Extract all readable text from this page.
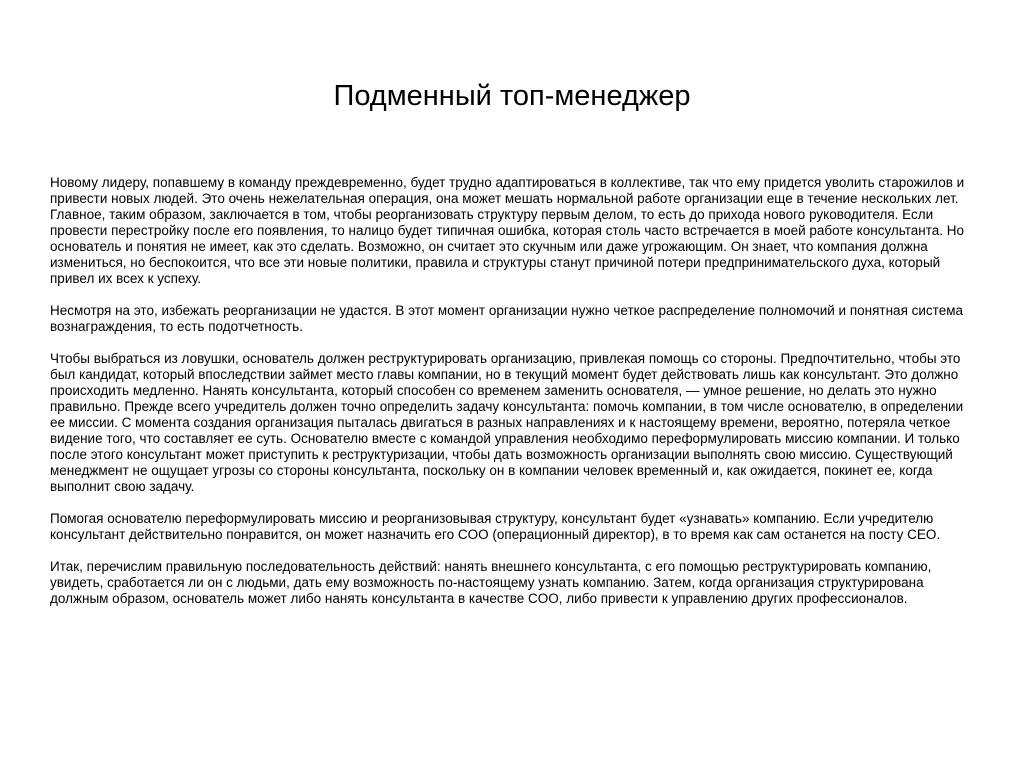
Подменный топ-менеджер

Новому лидеру, попавшему в команду преждевременно, будет трудно адаптироваться в коллективе, так что ему придется уволить старожилов и привести новых людей. Это очень нежелательная операция, она может мешать нормальной работе организации еще в течение нескольких лет. Главное, таким образом, заключается в том, чтобы реорганизовать структуру первым делом, то есть до прихода нового руководителя. Если провести перестройку после его появления, то налицо будет типичная ошибка, которая столь часто встречается в моей работе консультанта. Но основатель и понятия не имеет, как это сделать. Возможно, он считает это скучным или даже угрожающим. Он знает, что компания должна измениться, но беспокоится, что все эти новые политики, правила и структуры станут причиной потери предпринимательского духа, который привел их всех к успеху.

Несмотря на это, избежать реорганизации не удастся. В этот момент организации нужно четкое распределение полномочий и понятная система вознаграждения, то есть подотчетность.

Чтобы выбраться из ловушки, основатель должен реструктурировать организацию, привлекая помощь со стороны. Предпочтительно, чтобы это был кандидат, который впоследствии займет место главы компании, но в текущий момент будет действовать лишь как консультант. Это должно происходить медленно. Нанять консультанта, который способен со временем заменить основателя, — умное решение, но делать это нужно правильно. Прежде всего учредитель должен точно определить задачу консультанта: помочь компании, в том числе основателю, в определении ее миссии. С момента создания организация пыталась двигаться в разных направлениях и к настоящему времени, вероятно, потеряла четкое видение того, что составляет ее суть. Основателю вместе с командой управления необходимо переформулировать миссию компании. И только после этого консультант может приступить к реструктуризации, чтобы дать возможность организации выполнять свою миссию. Существующий менеджмент не ощущает угрозы со стороны консультанта, поскольку он в компании человек временный и, как ожидается, покинет ее, когда выполнит свою задачу.

Помогая основателю переформулировать миссию и реорганизовывая структуру, консультант будет «узнавать» компанию. Если учредителю консультант действительно понравится, он может назначить его COO (операционный директор), в то время как сам останется на посту CEO.

Итак, перечислим правильную последовательность действий: нанять внешнего консультанта, с его помощью реструктурировать компанию, увидеть, сработается ли он с людьми, дать ему возможность по-настоящему узнать компанию. Затем, когда организация структурирована должным образом, основатель может либо нанять консультанта в качестве COO, либо привести к управлению других профессионалов.
